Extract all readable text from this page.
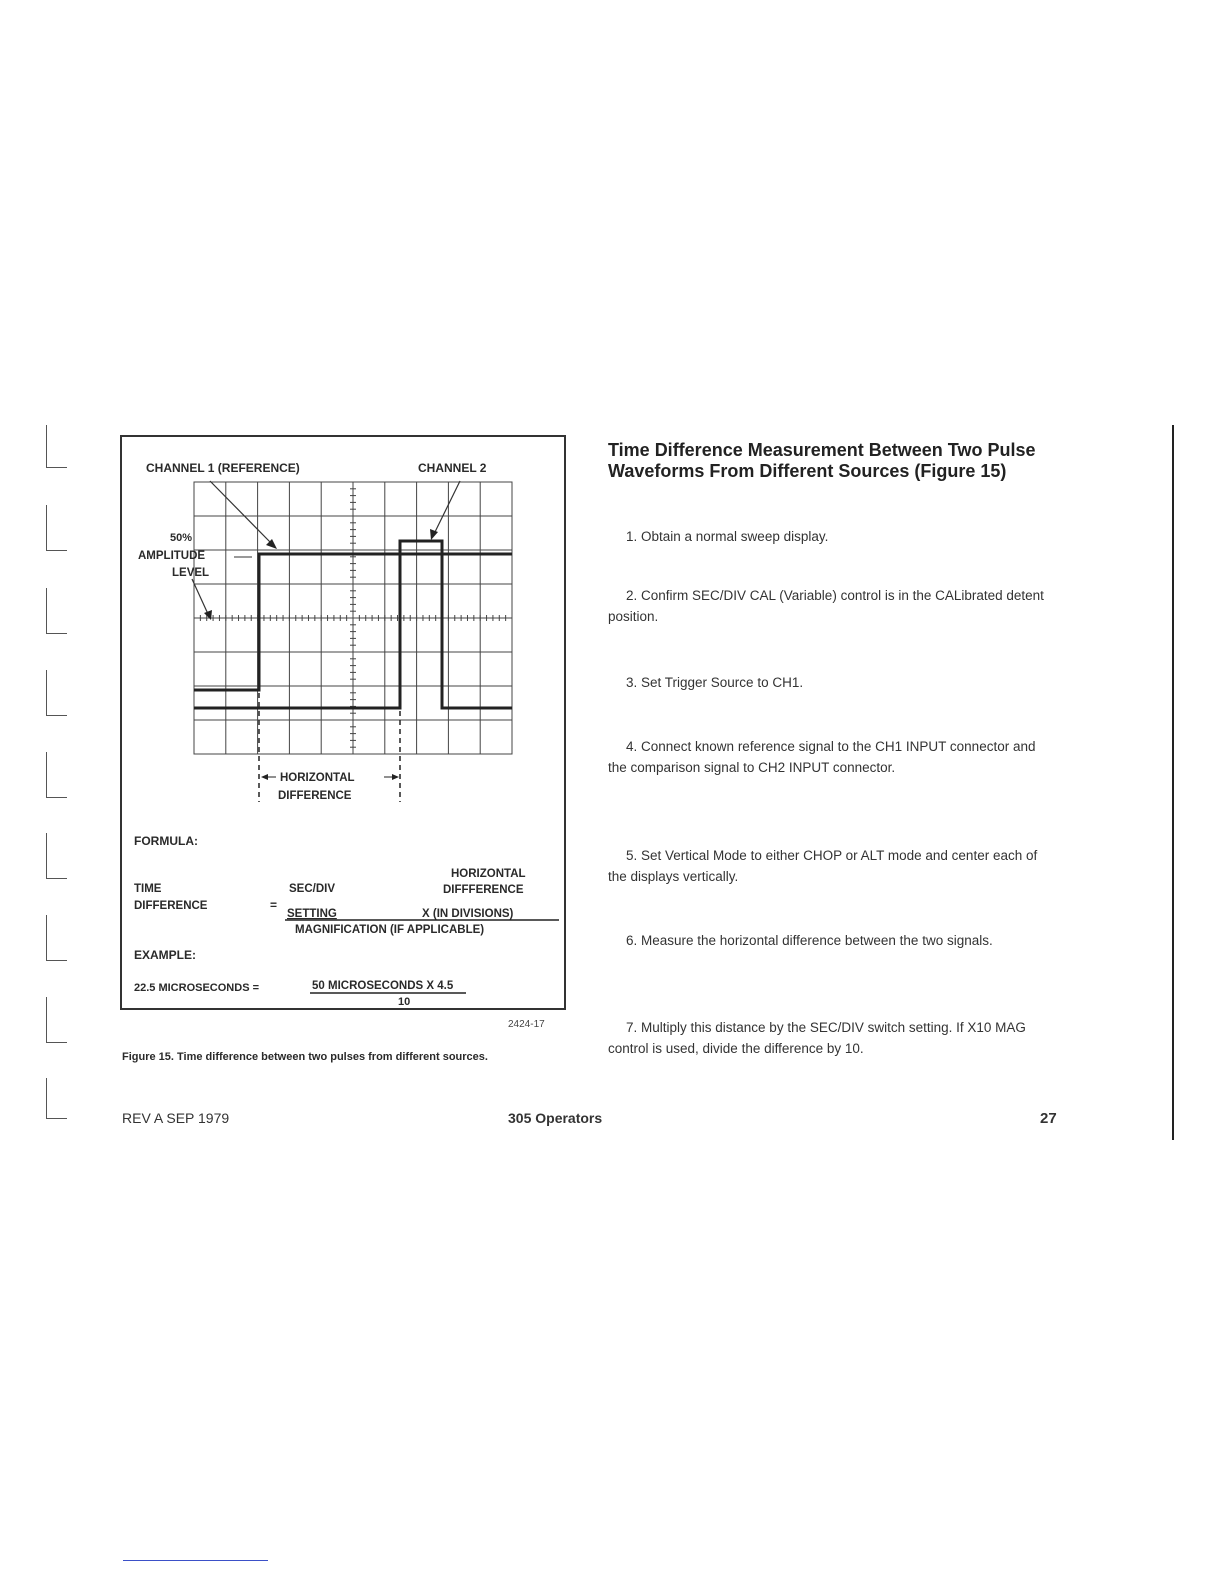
CHANNEL 1 (REFERENCE)	CHANNEL 2
50%
AMPLITUDE
LEVEL
HORIZONTAL
DIFFERENCE
FORMULA:
TIME
DIFFERENCE	=
SEC/DIV
SETTING
HORIZONTAL
DIFFFERENCE
X (IN DIVISIONS)
MAGNIFICATION (IF APPLICABLE)
EXAMPLE:
22.5 MICROSECONDS =	50 MICROSECONDS X 4.5
10
2424-17
Figure 15. Time difference between two pulses from different sources.
Time Difference Measurement Between Two Pulse Waveforms From Different Sources (Figure 15)
1. Obtain a normal sweep display.
2. Confirm SEC/DIV CAL (Variable) control is in the CALibrated detent position.
3. Set Trigger Source to CH1.
4. Connect known reference signal to the CH1 INPUT connector and the comparison signal to CH2 INPUT connector.
5. Set Vertical Mode to either CHOP or ALT mode and center each of the displays vertically.
6. Measure the horizontal difference between the two signals.
7. Multiply this distance by the SEC/DIV switch setting. If X10 MAG control is used, divide the difference by 10.
REV A SEP 1979	305 Operators	27
